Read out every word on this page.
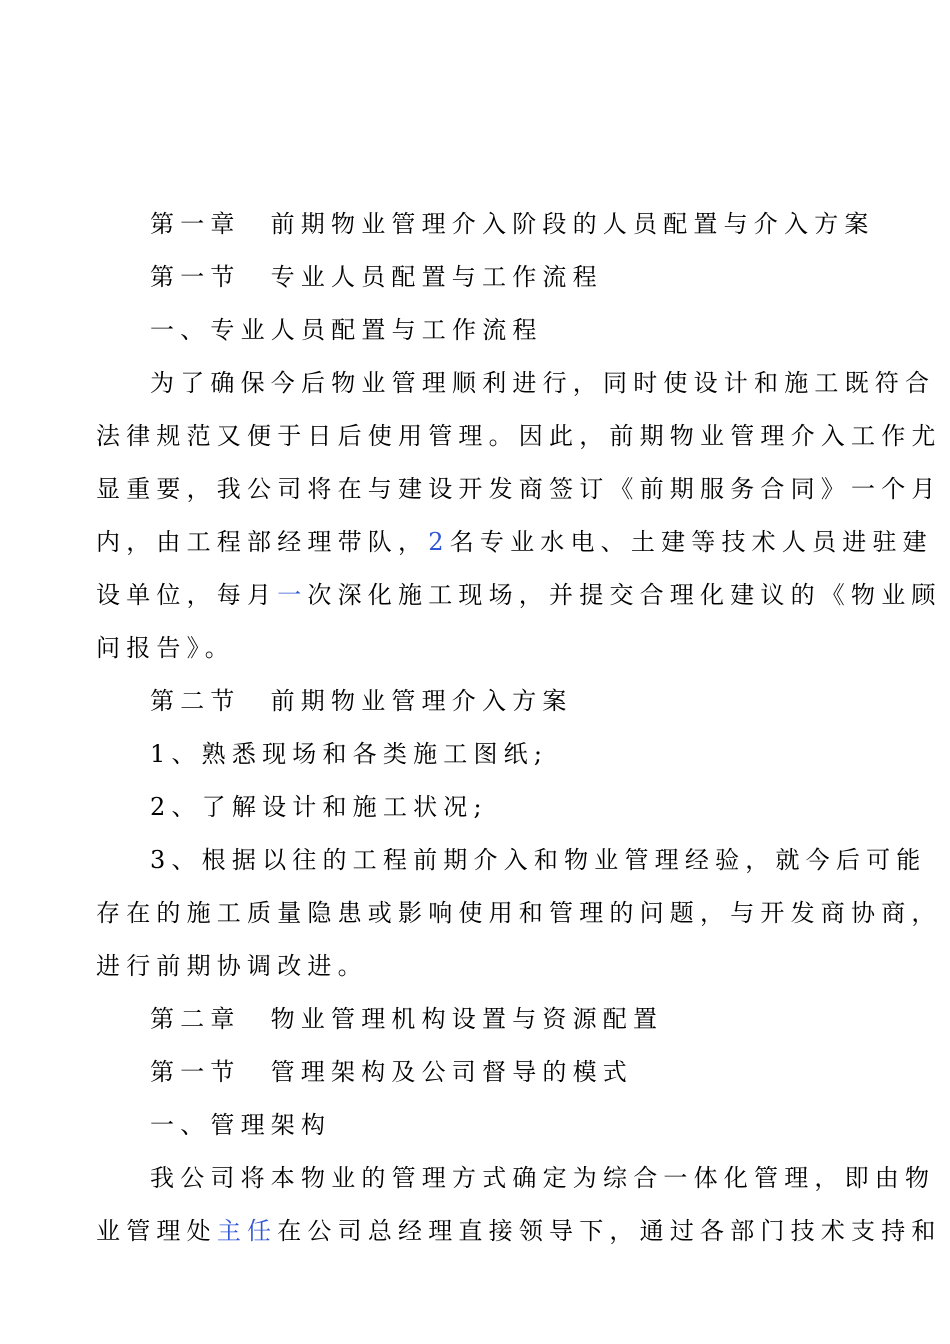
第一章 前期物业管理介入阶段的人员配置与介入方案
第一节 专业人员配置与工作流程
一、专业人员配置与工作流程
为了确保今后物业管理顺利进行，同时使设计和施工既符合
法律规范又便于日后使用管理。因此，前期物业管理介入工作尤
显重要，我公司将在与建设开发商签订《前期服务合同》一个月
内，由工程部经理带队，2名专业水电、土建等技术人员进驻建
设单位，每月一次深化施工现场，并提交合理化建议的《物业顾
问报告》。
第二节 前期物业管理介入方案
1、熟悉现场和各类施工图纸;
2、了解设计和施工状况;
3、根据以往的工程前期介入和物业管理经验，就今后可能
存在的施工质量隐患或影响使用和管理的问题，与开发商协商，
进行前期协调改进。
第二章 物业管理机构设置与资源配置
第一节 管理架构及公司督导的模式
一、管理架构
我公司将本物业的管理方式确定为综合一体化管理，即由物
业管理处主任在公司总经理直接领导下，通过各部门技术支持和
